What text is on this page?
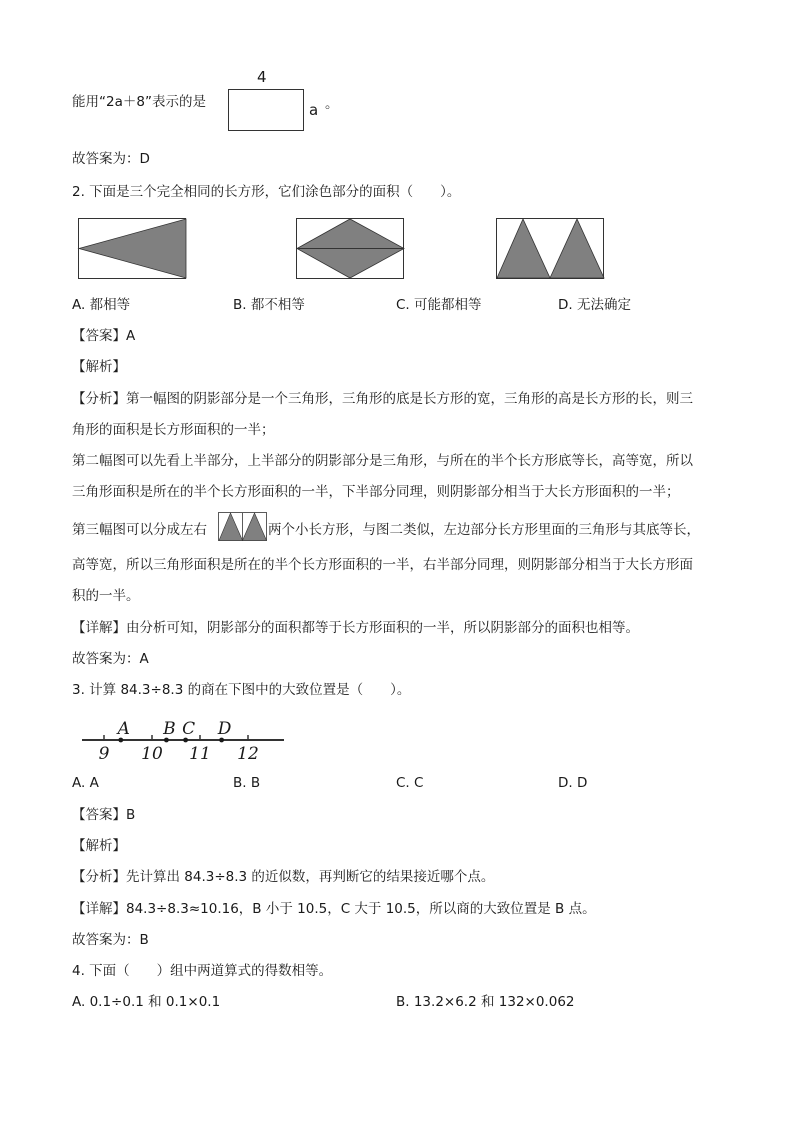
能用“2a＋8”表示的是
4
a 。
故答案为：D
2. 下面是三个完全相同的长方形，它们涂色部分的面积（　　）。
A. 都相等	B. 都不相等	C. 可能都相等	D. 无法确定
【答案】A
【解析】
【分析】第一幅图的阴影部分是一个三角形，三角形的底是长方形的宽，三角形的高是长方形的长，则三
角形的面积是长方形面积的一半；
第二幅图可以先看上半部分，上半部分的阴影部分是三角形，与所在的半个长方形底等长，高等宽，所以
三角形面积是所在的半个长方形面积的一半，下半部分同理，则阴影部分相当于大长方形面积的一半；
第三幅图可以分成左右	两个小长方形，与图二类似，左边部分长方形里面的三角形与其底等长，
高等宽，所以三角形面积是所在的半个长方形面积的一半，右半部分同理，则阴影部分相当于大长方形面
积的一半。
【详解】由分析可知，阴影部分的面积都等于长方形面积的一半，所以阴影部分的面积也相等。
故答案为：A
3. 计算 84.3÷8.3 的商在下图中的大致位置是（　　）。
9 10 11 12
A B C D
A. A	B. B	C. C	D. D
【答案】B
【解析】
【分析】先计算出 84.3÷8.3 的近似数，再判断它的结果接近哪个点。
【详解】84.3÷8.3≈10.16，B 小于 10.5，C 大于 10.5，所以商的大致位置是 B 点。
故答案为：B
4. 下面（　　）组中两道算式的得数相等。
A. 0.1÷0.1 和 0.1×0.1	B. 13.2×6.2 和 132×0.062
